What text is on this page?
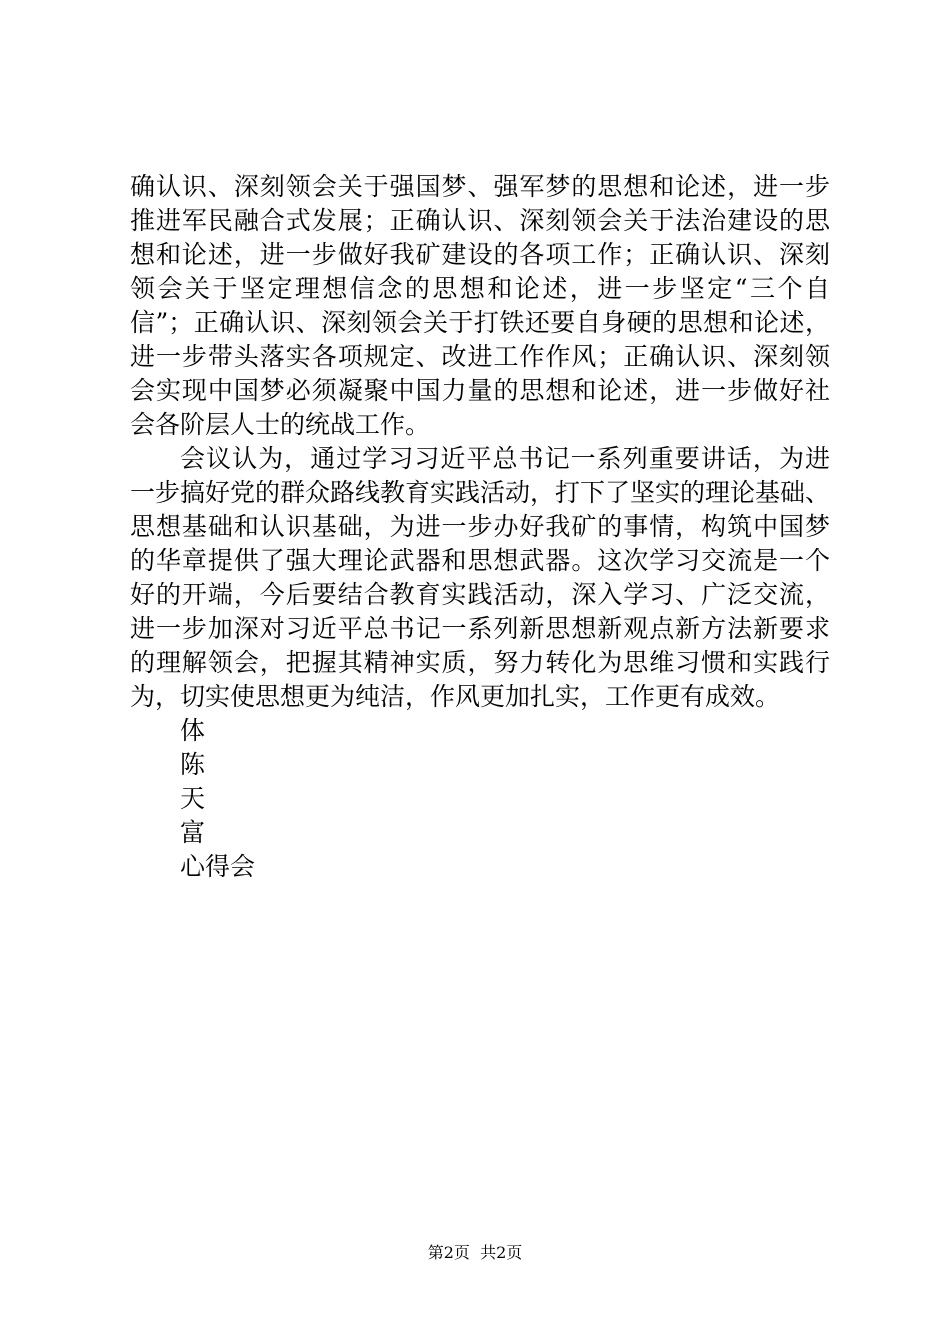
确认识、深刻领会关于强国梦、强军梦的思想和论述，进一步
推进军民融合式发展；正确认识、深刻领会关于法治建设的思
想和论述，进一步做好我矿建设的各项工作；正确认识、深刻
领会关于坚定理想信念的思想和论述，进一步坚定“三个自
信”；正确认识、深刻领会关于打铁还要自身硬的思想和论述，
进一步带头落实各项规定、改进工作作风；正确认识、深刻领
会实现中国梦必须凝聚中国力量的思想和论述，进一步做好社
会各阶层人士的统战工作。
会议认为，通过学习习近平总书记一系列重要讲话，为进
一步搞好党的群众路线教育实践活动，打下了坚实的理论基础、
思想基础和认识基础，为进一步办好我矿的事情，构筑中国梦
的华章提供了强大理论武器和思想武器。这次学习交流是一个
好的开端，今后要结合教育实践活动，深入学习、广泛交流，
进一步加深对习近平总书记一系列新思想新观点新方法新要求
的理解领会，把握其精神实质，努力转化为思维习惯和实践行
为，切实使思想更为纯洁，作风更加扎实，工作更有成效。
体
陈
天
富
心得会
第2页  共2页
